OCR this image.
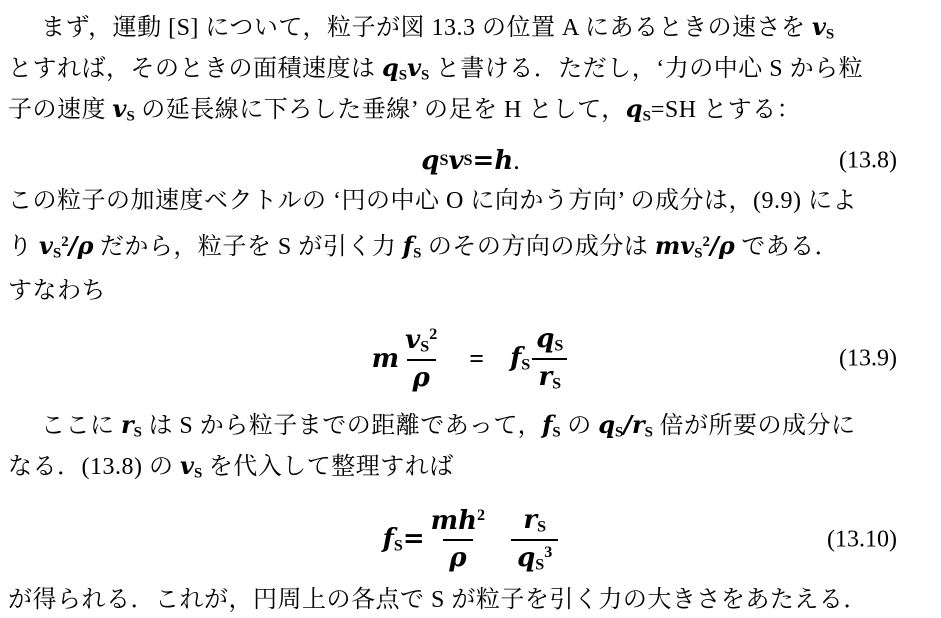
まず，運動 [S] について，粒子が図 13.3 の位置 A にあるときの速さを vS

とすれば，そのときの面積速度は qSvS と書ける．ただし，‘力の中心 S から粒

子の速度 vS の延長線に下ろした垂線’ の足を H として，qS=SH とする：

q S v S = h .	(13.8)

この粒子の加速度ベクトルの ‘円の中心 O に向かう方向’ の成分は，(9.9) によ

り $vS^2/\rho$ だから，粒子を S が引く力 fS のその方向の成分は mvS$^2$/ρ である．

すなわち

m $\frac{vS^2}{\rho}$ = fS $\frac{qS}{rS}$	(13.9)

ここに rS は S から粒子までの距離であって，fS の qS/rS 倍が所要の成分に

なる．(13.8) の vS を代入して整理すれば

$fS= \frac{mh^2}{\rho} \frac{rS}{qS^3}$	(13.10)

が得られる．これが，円周上の各点で S が粒子を引く力の大きさをあたえる．
